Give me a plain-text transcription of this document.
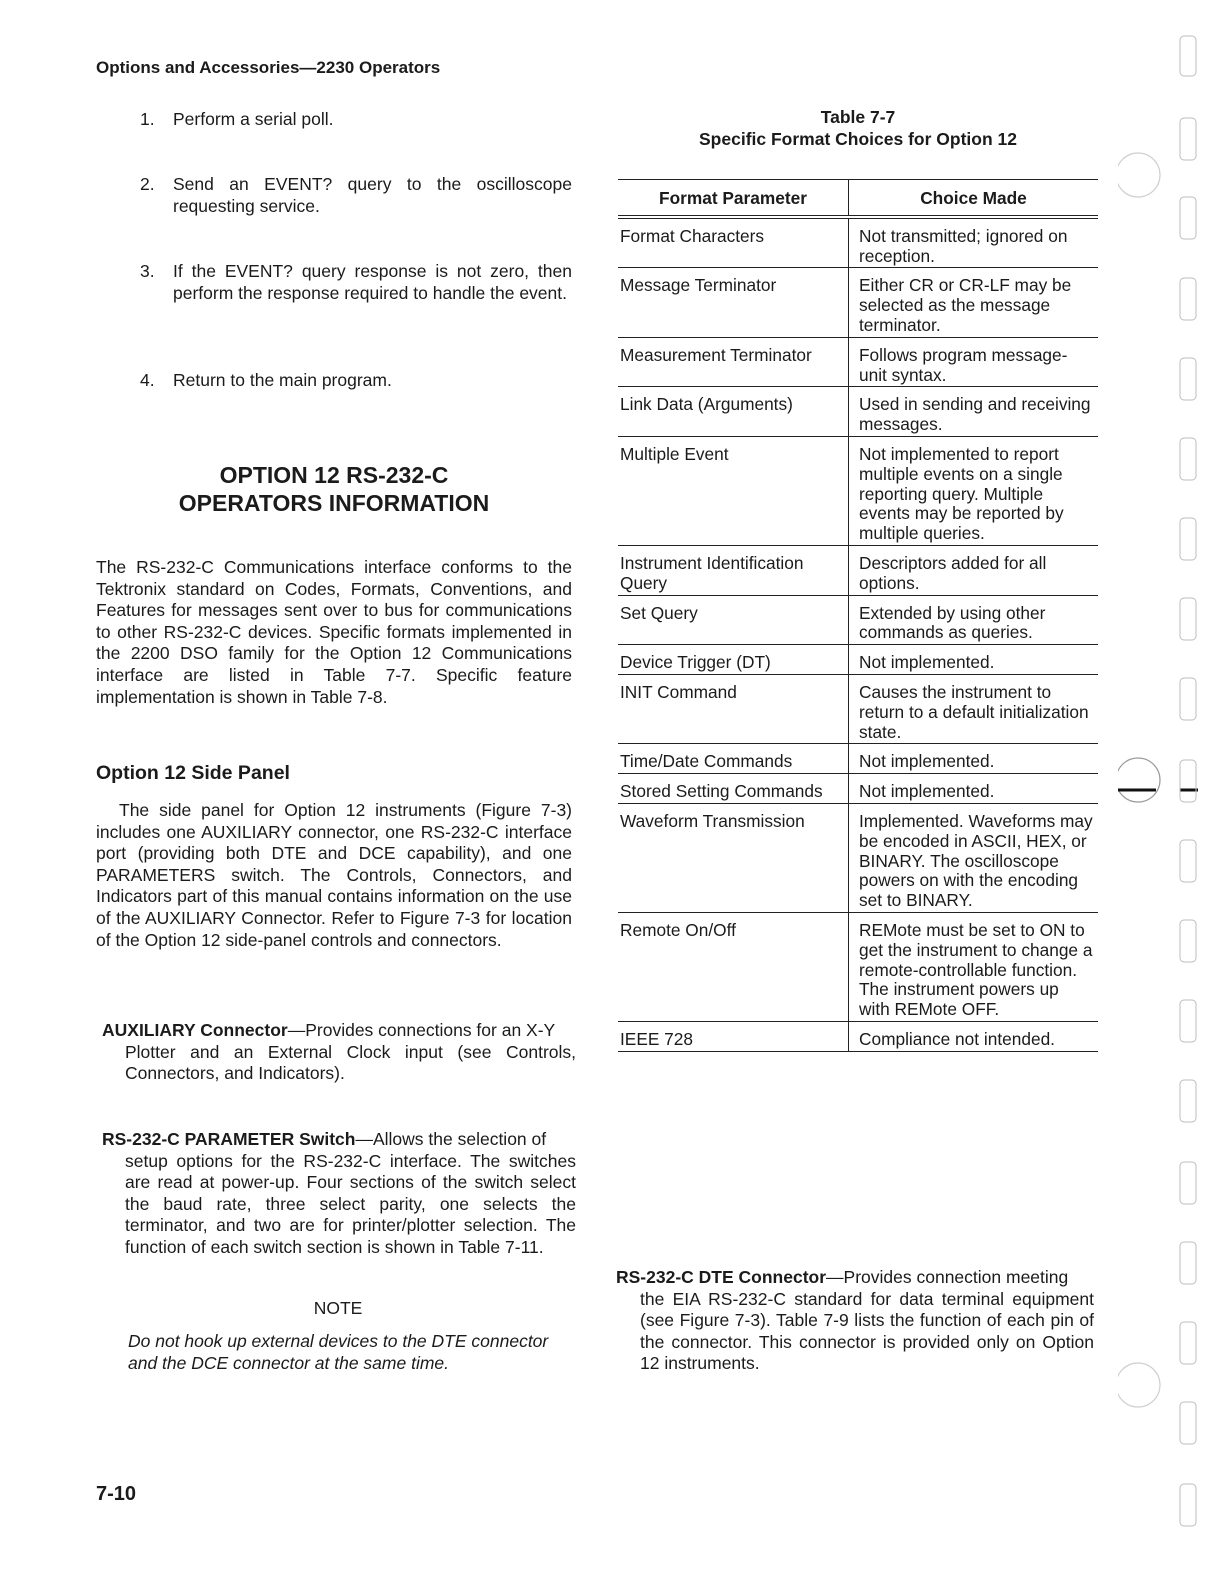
Options and Accessories—2230 Operators
1. Perform a serial poll.
2. Send an EVENT? query to the oscilloscope requesting service.
3. If the EVENT? query response is not zero, then perform the response required to handle the event.
4. Return to the main program.
OPTION 12 RS-232-C
OPERATORS INFORMATION
The RS-232-C Communications interface conforms to the Tektronix standard on Codes, Formats, Conventions, and Features for messages sent over to bus for communications to other RS-232-C devices. Specific formats implemented in the 2200 DSO family for the Option 12 Communications interface are listed in Table 7-7. Specific feature implementation is shown in Table 7-8.
Option 12 Side Panel
The side panel for Option 12 instruments (Figure 7-3) includes one AUXILIARY connector, one RS-232-C interface port (providing both DTE and DCE capability), and one PARAMETERS switch. The Controls, Connectors, and Indicators part of this manual contains information on the use of the AUXILIARY Connector. Refer to Figure 7-3 for location of the Option 12 side-panel controls and connectors.
AUXILIARY Connector—Provides connections for an X-Y
Plotter and an External Clock input (see Controls, Connectors, and Indicators).
RS-232-C PARAMETER Switch—Allows the selection of
setup options for the RS-232-C interface. The switches are read at power-up. Four sections of the switch select the baud rate, three select parity, one selects the terminator, and two are for printer/plotter selection. The function of each switch section is shown in Table 7-11.
NOTE
Do not hook up external devices to the DTE connector and the DCE connector at the same time.
7-10
Table 7-7
Specific Format Choices for Option 12
Format Parameter	Choice Made
Format Characters	Not transmitted; ignored on reception.
Message Terminator	Either CR or CR-LF may be selected as the message terminator.
Measurement Terminator	Follows program message-unit syntax.
Link Data (Arguments)	Used in sending and receiving messages.
Multiple Event	Not implemented to report multiple events on a single reporting query. Multiple events may be reported by multiple queries.
Instrument Identification Query	Descriptors added for all options.
Set Query	Extended by using other commands as queries.
Device Trigger (DT)	Not implemented.
INIT Command	Causes the instrument to return to a default initialization state.
Time/Date Commands	Not implemented.
Stored Setting Commands	Not implemented.
Waveform Transmission	Implemented. Waveforms may be encoded in ASCII, HEX, or BINARY. The oscilloscope powers on with the encoding set to BINARY.
Remote On/Off	REMote must be set to ON to get the instrument to change a remote-controllable function. The instrument powers up with REMote OFF.
IEEE 728	Compliance not intended.
RS-232-C DTE Connector—Provides connection meeting
the EIA RS-232-C standard for data terminal equipment (see Figure 7-3). Table 7-9 lists the function of each pin of the connector. This connector is provided only on Option 12 instruments.
